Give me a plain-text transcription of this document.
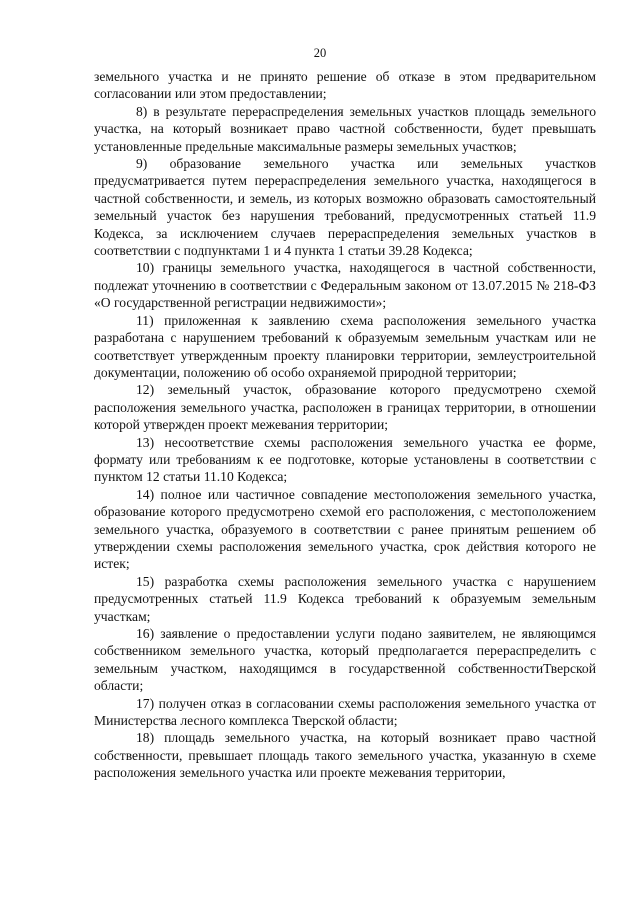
20

земельного участка и не принято решение об отказе в этом предварительном согласовании или этом предоставлении;

8) в результате перераспределения земельных участков площадь земельного участка, на который возникает право частной собственности, будет превышать установленные предельные максимальные размеры земельных участков;

9) образование земельного участка или земельных участков предусматривается путем перераспределения земельного участка, находящегося в частной собственности, и земель, из которых возможно образовать самостоятельный земельный участок без нарушения требований, предусмотренных статьей 11.9 Кодекса, за исключением случаев перераспределения земельных участков в соответствии с подпунктами 1 и 4 пункта 1 статьи 39.28 Кодекса;

10) границы земельного участка, находящегося в частной собственности, подлежат уточнению в соответствии с Федеральным законом от 13.07.2015 № 218-ФЗ «О государственной регистрации недвижимости»;

11) приложенная к заявлению схема расположения земельного участка разработана с нарушением требований к образуемым земельным участкам или не соответствует утвержденным проекту планировки территории, землеустроительной документации, положению об особо охраняемой природной территории;

12) земельный участок, образование которого предусмотрено схемой расположения земельного участка, расположен в границах территории, в отношении которой утвержден проект межевания территории;

13) несоответствие схемы расположения земельного участка ее форме, формату или требованиям к ее подготовке, которые установлены в соответствии с пунктом 12 статьи 11.10 Кодекса;

14) полное или частичное совпадение местоположения земельного участка, образование которого предусмотрено схемой его расположения, с местоположением земельного участка, образуемого в соответствии с ранее принятым решением об утверждении схемы расположения земельного участка, срок действия которого не истек;

15) разработка схемы расположения земельного участка с нарушением предусмотренных статьей 11.9 Кодекса требований к образуемым земельным участкам;

16) заявление о предоставлении услуги подано заявителем, не являющимся собственником земельного участка, который предполагается перераспределить с земельным участком, находящимся в государственной собственностиТверской области;

17) получен отказ в согласовании схемы расположения земельного участка от Министерства лесного комплекса Тверской области;

18) площадь земельного участка, на который возникает право частной собственности, превышает площадь такого земельного участка, указанную в схеме расположения земельного участка или проекте межевания территории,
